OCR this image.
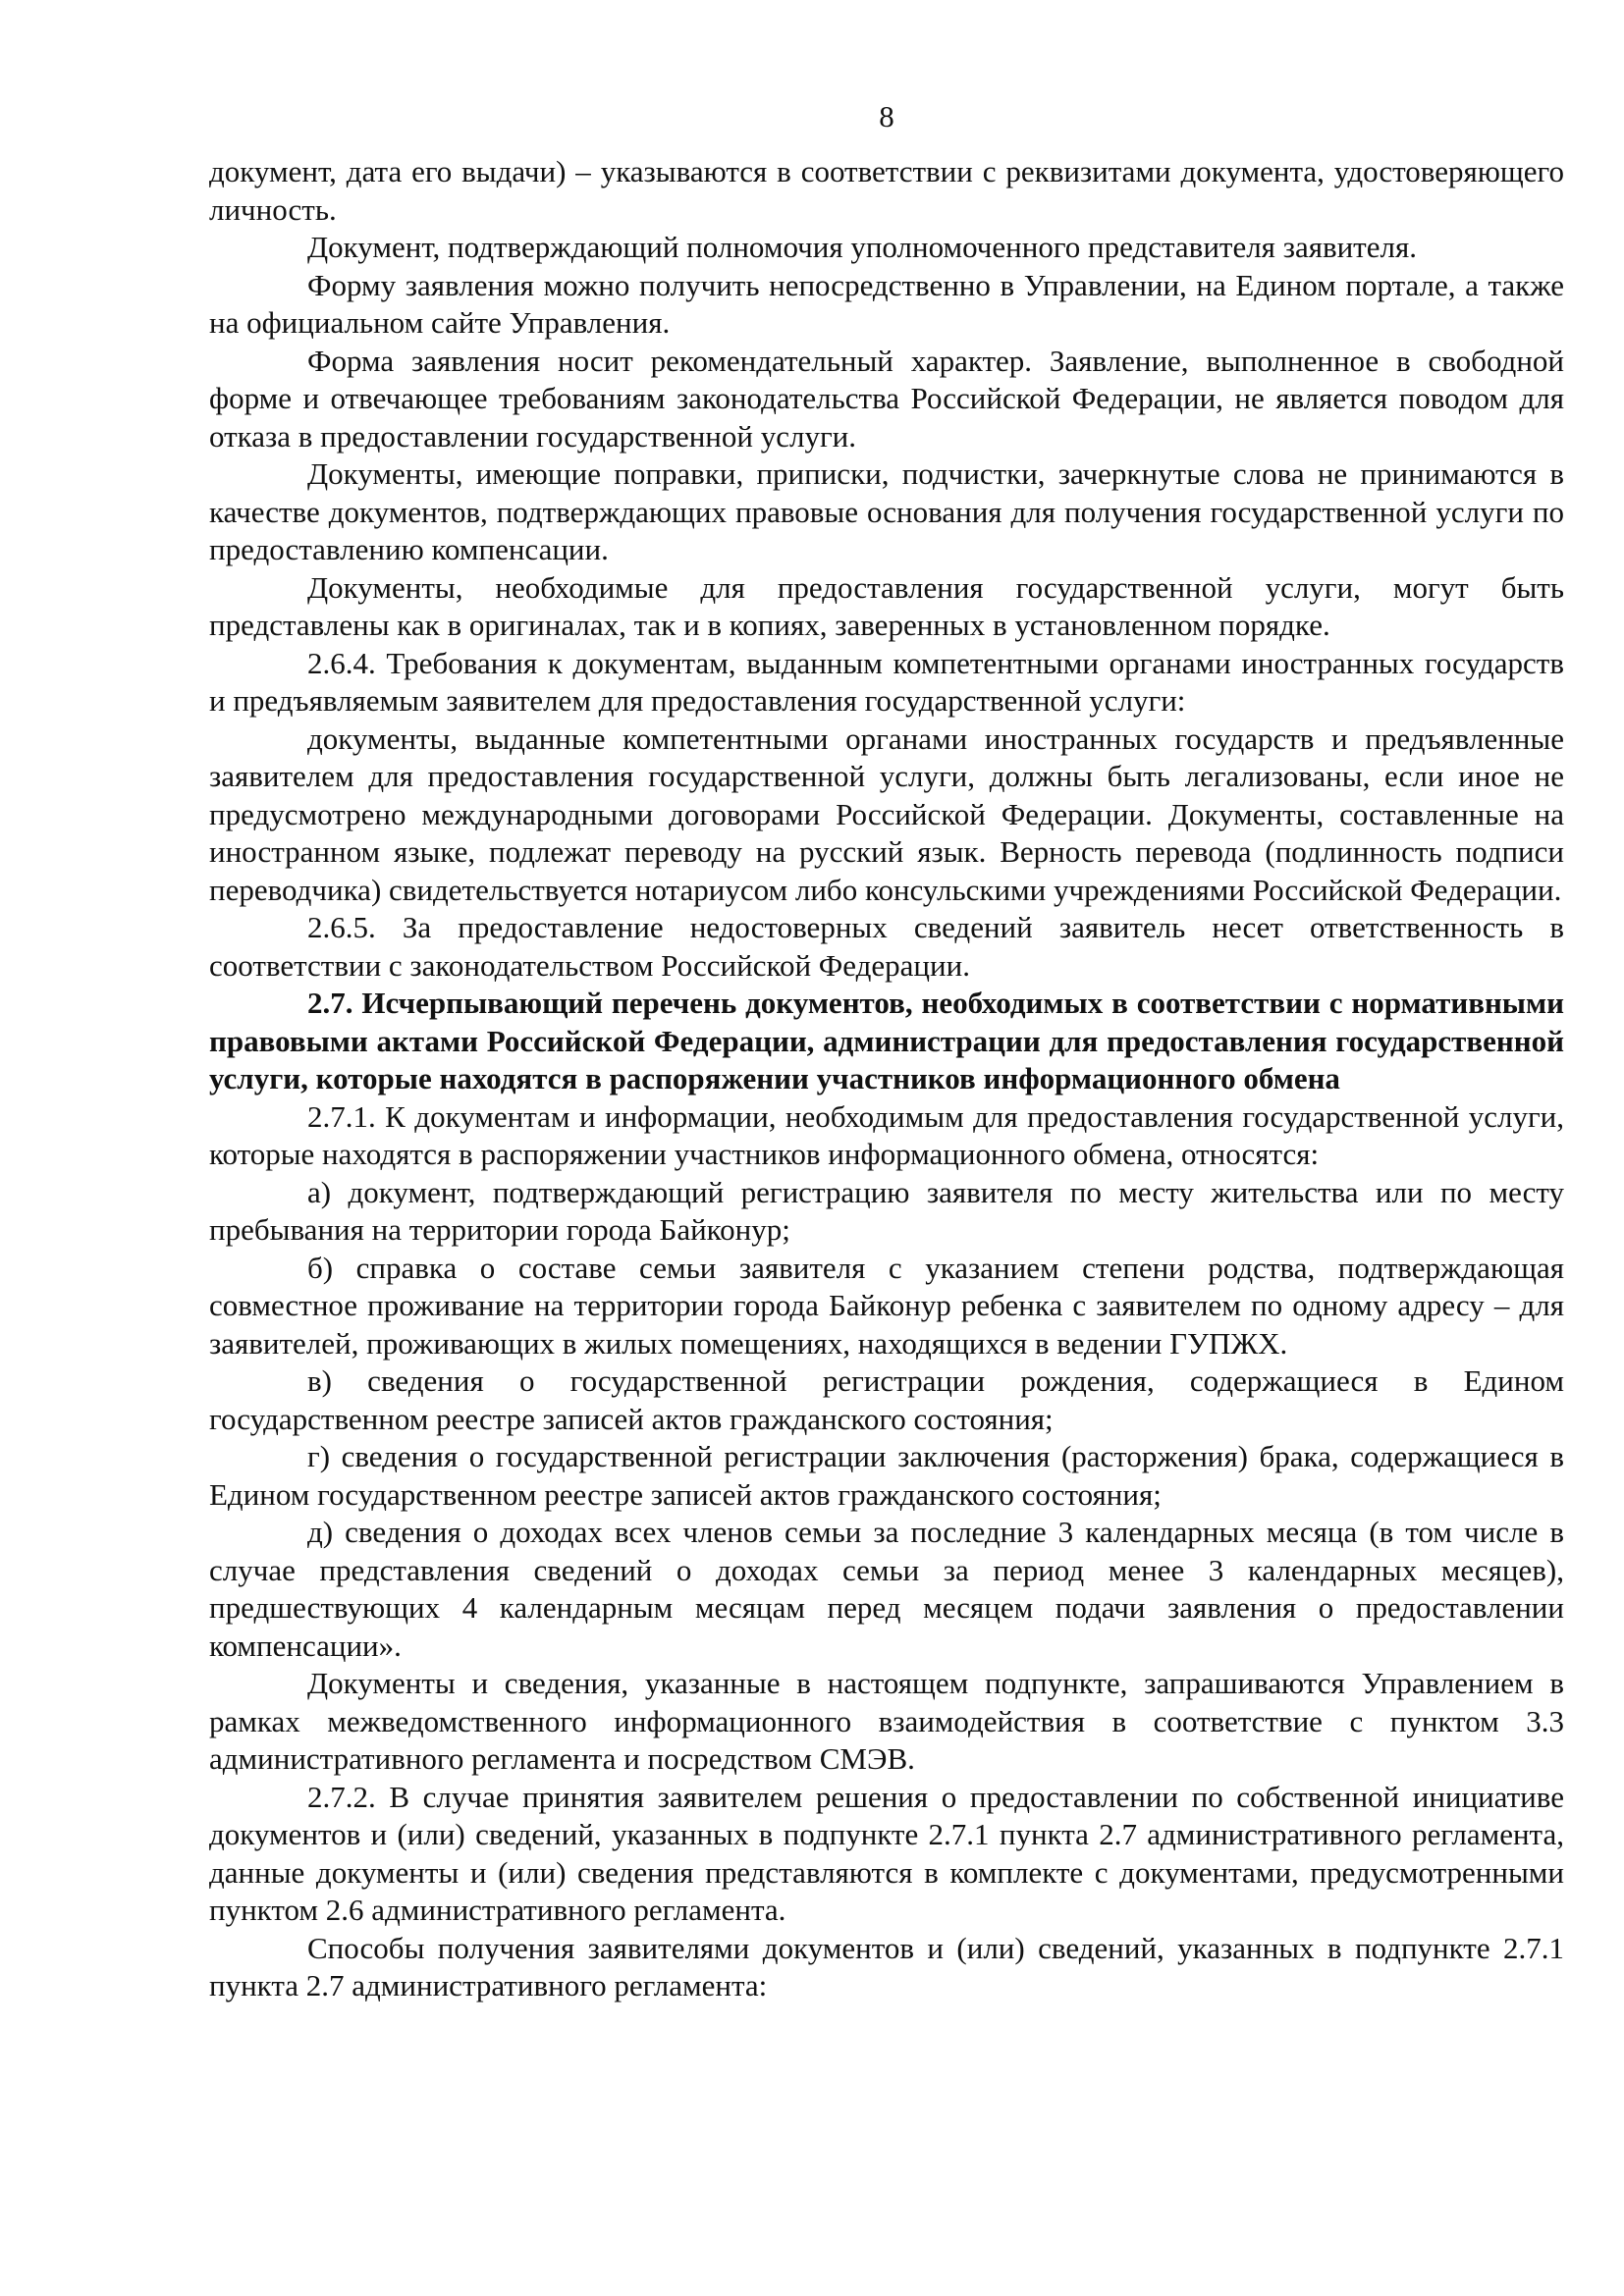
8

документ, дата его выдачи) – указываются в соответствии с реквизитами документа, удостоверяющего личность.

Документ, подтверждающий полномочия уполномоченного представителя заявителя.

Форму заявления можно получить непосредственно в Управлении, на Едином портале, а также на официальном сайте Управления.

Форма заявления носит рекомендательный характер. Заявление, выполненное в свободной форме и отвечающее требованиям законодательства Российской Федерации, не является поводом для отказа в предоставлении государственной услуги.

Документы, имеющие поправки, приписки, подчистки, зачеркнутые слова не принимаются в качестве документов, подтверждающих правовые основания для получения государственной услуги по предоставлению компенсации.

Документы, необходимые для предоставления государственной услуги, могут быть представлены как в оригиналах, так и в копиях, заверенных в установленном порядке.

2.6.4. Требования к документам, выданным компетентными органами иностранных государств и предъявляемым заявителем для предоставления государственной услуги:

документы, выданные компетентными органами иностранных государств и предъявленные заявителем для предоставления государственной услуги, должны быть легализованы, если иное не предусмотрено международными договорами Российской Федерации. Документы, составленные на иностранном языке, подлежат переводу на русский язык. Верность перевода (подлинность подписи переводчика) свидетельствуется нотариусом либо консульскими учреждениями Российской Федерации.

2.6.5. За предоставление недостоверных сведений заявитель несет ответственность в соответствии с законодательством Российской Федерации.

2.7. Исчерпывающий перечень документов, необходимых в соответствии с нормативными правовыми актами Российской Федерации, администрации для предоставления государственной услуги, которые находятся в распоряжении участников информационного обмена

2.7.1. К документам и информации, необходимым для предоставления государственной услуги, которые находятся в распоряжении участников информационного обмена, относятся:

а) документ, подтверждающий регистрацию заявителя по месту жительства или по месту пребывания на территории города Байконур;

б) справка о составе семьи заявителя с указанием степени родства, подтверждающая совместное проживание на территории города Байконур ребенка с заявителем по одному адресу – для заявителей, проживающих в жилых помещениях, находящихся в ведении ГУПЖХ.

в) сведения о государственной регистрации рождения, содержащиеся в Едином государственном реестре записей актов гражданского состояния;

г) сведения о государственной регистрации заключения (расторжения) брака, содержащиеся в Едином государственном реестре записей актов гражданского состояния;

д) сведения о доходах всех членов семьи за последние 3 календарных месяца (в том числе в случае представления сведений о доходах семьи за период менее 3 календарных месяцев), предшествующих 4 календарным месяцам перед месяцем подачи заявления о предоставлении компенсации».

Документы и сведения, указанные в настоящем подпункте, запрашиваются Управлением в рамках межведомственного информационного взаимодействия в соответствие с пунктом 3.3 административного регламента и посредством СМЭВ.

2.7.2. В случае принятия заявителем решения о предоставлении по собственной инициативе документов и (или) сведений, указанных в подпункте 2.7.1 пункта 2.7 административного регламента, данные документы и (или) сведения представляются в комплекте с документами, предусмотренными пунктом 2.6 административного регламента.

Способы получения заявителями документов и (или) сведений, указанных в подпункте 2.7.1 пункта 2.7 административного регламента:
